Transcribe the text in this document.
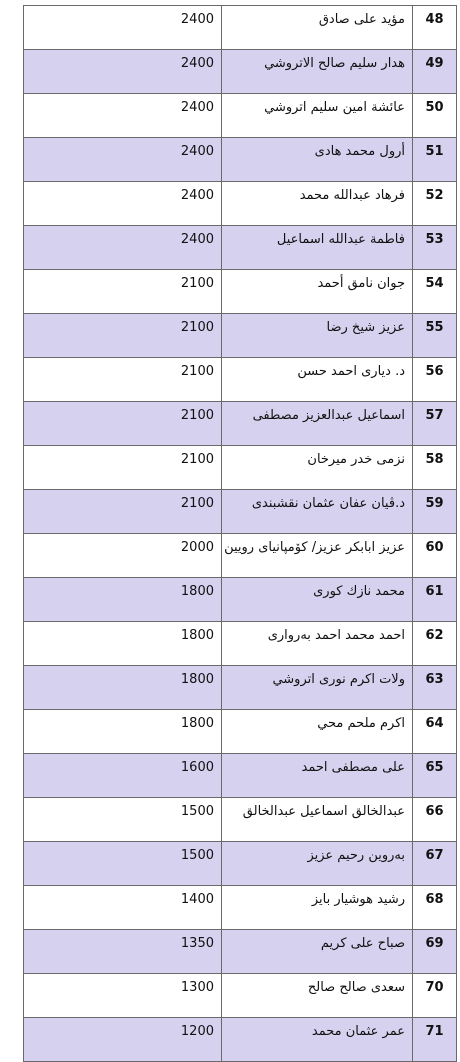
2400	مؤيد على صادق	48
2400	هدار سليم صالح الاتروشي	49
2400	عائشة امين سليم اتروشي	50
2400	أرول محمد هادى	51
2400	فرهاد عبدالله محمد	52
2400	فاطمة عبدالله اسماعيل	53
2100	جوان نامق أحمد	54
2100	عزيز شيخ رضا	55
2100	د. ديارى احمد حسن	56
2100	اسماعيل عبدالعزيز مصطفى	57
2100	نزمى خدر ميرخان	58
2100	د.ڤيان عفان عثمان نقشبندى	59
2000	عزيز ابابكر عزيز/ كۆمپانیای رویین	60
1800	محمد نازك كورى	61
1800	احمد محمد احمد بەروارى	62
1800	ولات اكرم نورى اتروشي	63
1800	اكرم ملحم محي	64
1600	على مصطفى احمد	65
1500	عبدالخالق اسماعيل عبدالخالق	66
1500	بەروين رحيم عزيز	67
1400	رشيد هوشيار بايز	68
1350	صباح على كريم	69
1300	سعدى صالح صالح	70
1200	عمر عثمان محمد	71
